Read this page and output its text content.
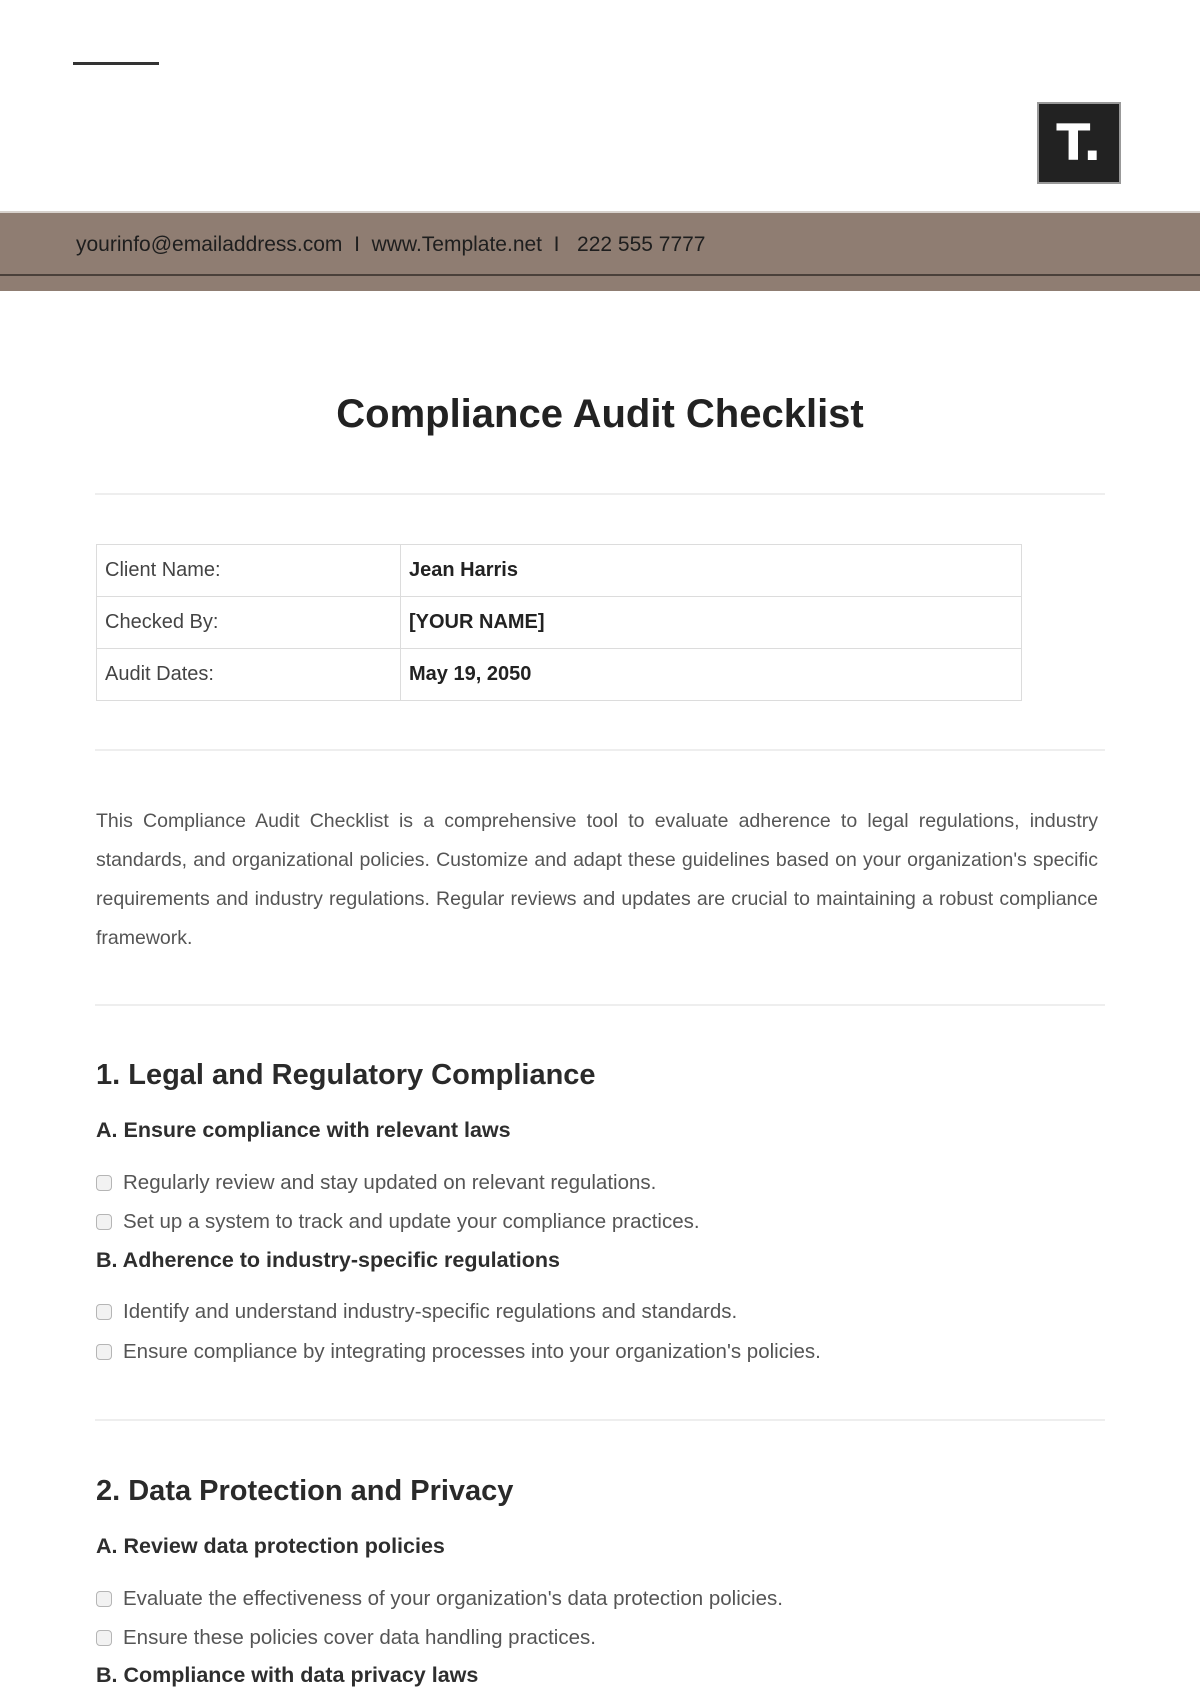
T.
yourinfo@emailaddress.com  I  www.Template.net  I   222 555 7777
Compliance Audit Checklist
Client Name:	Jean Harris
Checked By:	[YOUR NAME]
Audit Dates:	May 19, 2050
This Compliance Audit Checklist is a comprehensive tool to evaluate adherence to legal regulations, industry standards, and organizational policies. Customize and adapt these guidelines based on your organization's specific requirements and industry regulations. Regular reviews and updates are crucial to maintaining a robust compliance framework.
1. Legal and Regulatory Compliance
A. Ensure compliance with relevant laws
Regularly review and stay updated on relevant regulations.
Set up a system to track and update your compliance practices.
B. Adherence to industry-specific regulations
Identify and understand industry-specific regulations and standards.
Ensure compliance by integrating processes into your organization's policies.
2. Data Protection and Privacy
A. Review data protection policies
Evaluate the effectiveness of your organization's data protection policies.
Ensure these policies cover data handling practices.
B. Compliance with data privacy laws
